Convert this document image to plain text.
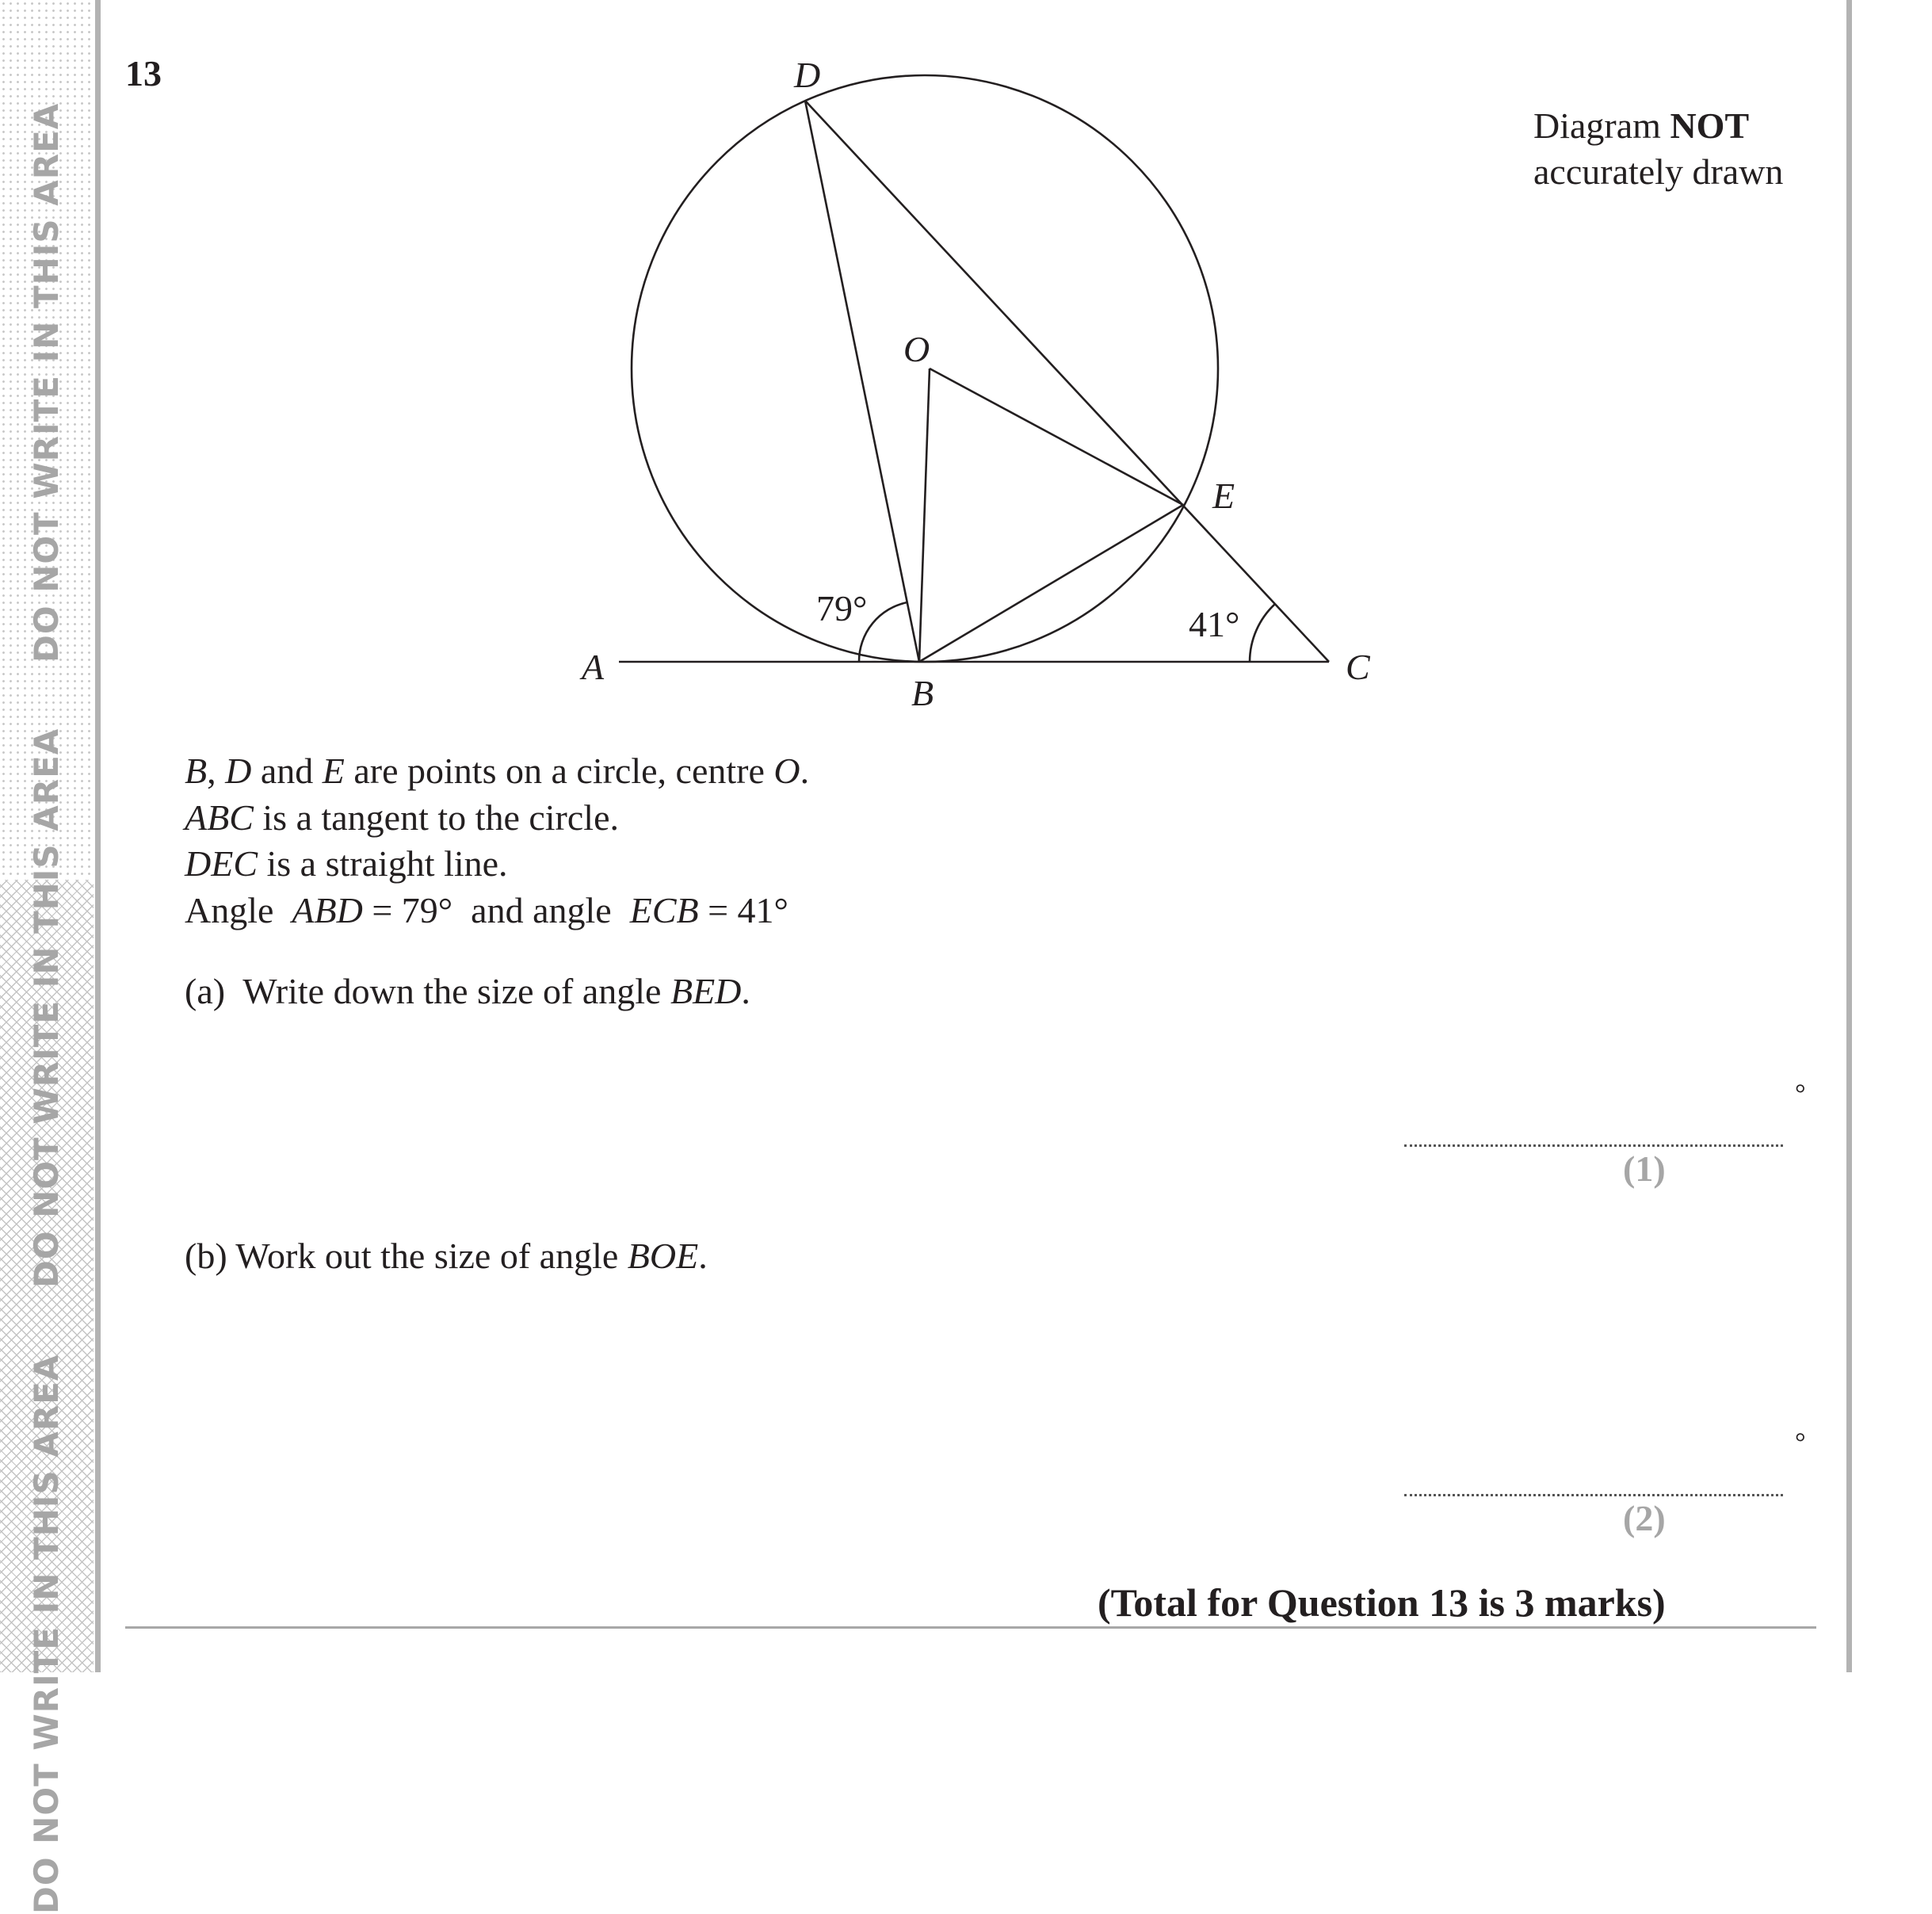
DO NOT WRITE IN THIS AREA
DO NOT WRITE IN THIS AREA
DO NOT WRITE IN THIS AREA
13
Diagram NOT
accurately drawn
D
O
E
A
B
C
79°	41°
B, D and E are points on a circle, centre O.
ABC is a tangent to the circle.
DEC is a straight line.
Angle  ABD = 79°  and angle  ECB = 41°
(a)  Write down the size of angle BED.
°
(1)
(b) Work out the size of angle BOE.
°
(2)
(Total for Question 13 is 3 marks)
